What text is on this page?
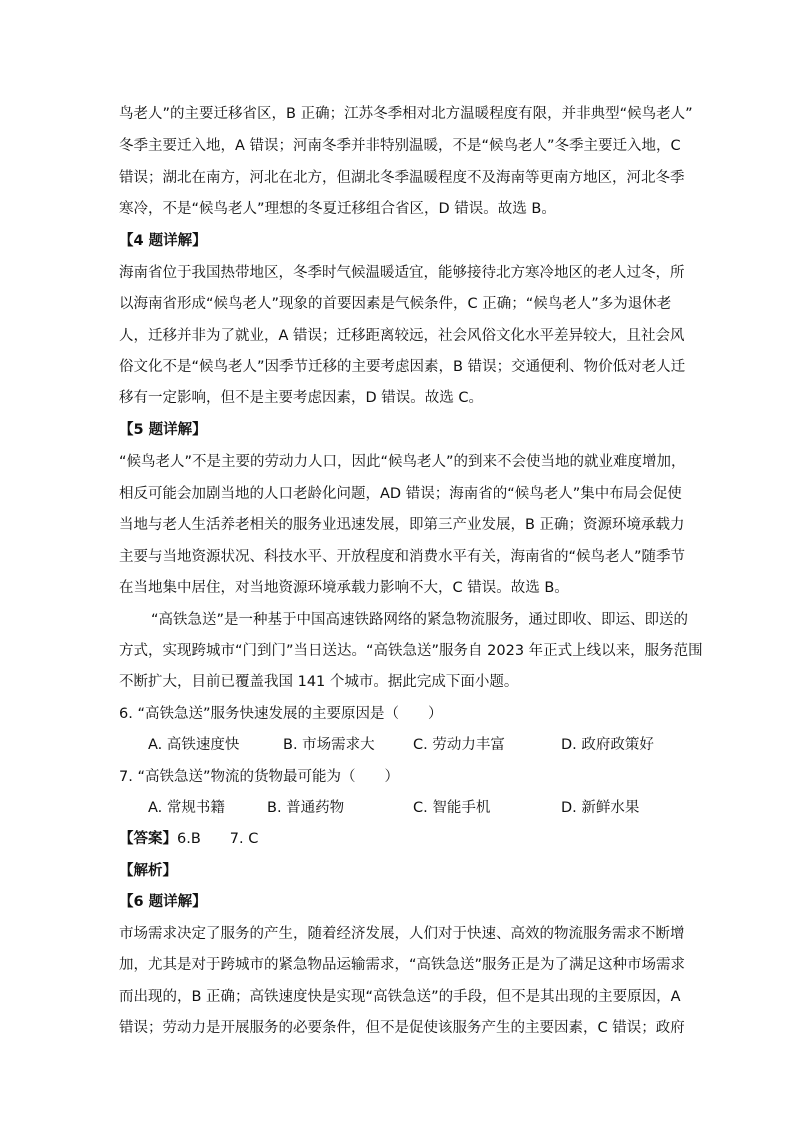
鸟老人”的主要迁移省区，B 正确；江苏冬季相对北方温暖程度有限，并非典型“候鸟老人”
冬季主要迁入地，A 错误；河南冬季并非特别温暖，不是“候鸟老人”冬季主要迁入地，C
错误；湖北在南方，河北在北方，但湖北冬季温暖程度不及海南等更南方地区，河北冬季
寒冷，不是“候鸟老人”理想的冬夏迁移组合省区，D 错误。故选 B。
【4 题详解】
海南省位于我国热带地区，冬季时气候温暖适宜，能够接待北方寒冷地区的老人过冬，所
以海南省形成“候鸟老人”现象的首要因素是气候条件，C 正确；“候鸟老人”多为退休老
人，迁移并非为了就业，A 错误；迁移距离较远，社会风俗文化水平差异较大，且社会风
俗文化不是“候鸟老人”因季节迁移的主要考虑因素，B 错误；交通便利、物价低对老人迁
移有一定影响，但不是主要考虑因素，D 错误。故选 C。
【5 题详解】
“候鸟老人”不是主要的劳动力人口，因此“候鸟老人”的到来不会使当地的就业难度增加，
相反可能会加剧当地的人口老龄化问题，AD 错误；海南省的“候鸟老人”集中布局会促使
当地与老人生活养老相关的服务业迅速发展，即第三产业发展，B 正确；资源环境承载力
主要与当地资源状况、科技水平、开放程度和消费水平有关，海南省的“候鸟老人”随季节
在当地集中居住，对当地资源环境承载力影响不大，C 错误。故选 B。
“高铁急送”是一种基于中国高速铁路网络的紧急物流服务，通过即收、即运、即送的
方式，实现跨城市“门到门”当日送达。“高铁急送”服务自 2023 年正式上线以来，服务范围
不断扩大，目前已覆盖我国 141 个城市。据此完成下面小题。
6. “高铁急送”服务快速发展的主要原因是（　　）
A. 高铁速度快	B. 市场需求大	C. 劳动力丰富	D. 政府政策好
7. “高铁急送”物流的货物最可能为（　　）
A. 常规书籍	B. 普通药物	C. 智能手机	D. 新鲜水果
【答案】6.B　　7. C
【解析】
【6 题详解】
市场需求决定了服务的产生，随着经济发展，人们对于快速、高效的物流服务需求不断增
加，尤其是对于跨城市的紧急物品运输需求，“高铁急送”服务正是为了满足这种市场需求
而出现的，B 正确；高铁速度快是实现“高铁急送”的手段，但不是其出现的主要原因，A
错误；劳动力是开展服务的必要条件，但不是促使该服务产生的主要因素，C 错误；政府
